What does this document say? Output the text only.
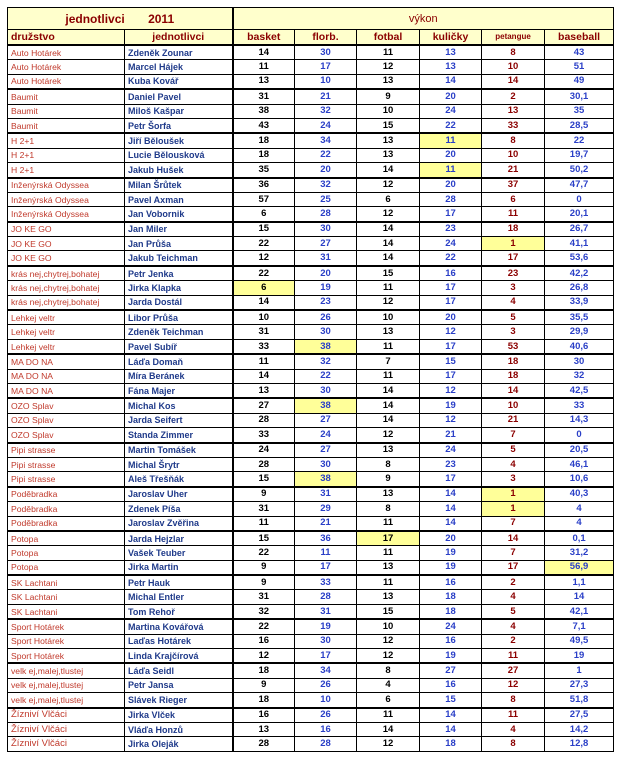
jednotlivci 2011		výkon					
družstvo	jednotlivci	basket	florb.	fotbal	kuličky	petangue	baseball
Auto Hotárek	Zdeněk Zounar	14	30	11	13	8	43
Auto Hotárek	Marcel Hájek	11	17	12	13	10	51
Auto Hotárek	Kuba Kovář	13	10	13	14	14	49
Baumit	Daniel Pavel	31	21	9	20	2	30,1
Baumit	Miloš Kašpar	38	32	10	24	13	35
Baumit	Petr Šorfa	43	24	15	22	33	28,5
H 2+1	Jiří Běloušek	18	34	13	11	8	22
H 2+1	Lucie Bělousková	18	22	13	20	10	19,7
H 2+1	Jakub Hušek	35	20	14	11	21	50,2
Inženýrská Odyssea	Milan Šrůtek	36	32	12	20	37	47,7
Inženýrská Odyssea	Pavel Axman	57	25	6	28	6	0
Inženýrská Odyssea	Jan Vobornik	6	28	12	17	11	20,1
JO KE GO	Jan Miler	15	30	14	23	18	26,7
JO KE GO	Jan Průša	22	27	14	24	1	41,1
JO KE GO	Jakub Teichman	12	31	14	22	17	53,6
krás nej,chytrej,bohatej	Petr Jenka	22	20	15	16	23	42,2
krás nej,chytrej,bohatej	Jirka Klapka	6	19	11	17	3	26,8
krás nej,chytrej,bohatej	Jarda Dostál	14	23	12	17	4	33,9
Lehkej veltr	Libor Průša	10	26	10	20	5	35,5
Lehkej veltr	Zdeněk Teichman	31	30	13	12	3	29,9
Lehkej veltr	Pavel Subíř	33	38	11	17	53	40,6
MA DO NA	Láďa Domaň	11	32	7	15	18	30
MA DO NA	Míra Beránek	14	22	11	17	18	32
MA DO NA	Fána Majer	13	30	14	12	14	42,5
OZO Splav	Michal Kos	27	38	14	19	10	33
OZO Splav	Jarda Seifert	28	27	14	12	21	14,3
OZO Splav	Standa Zimmer	33	24	12	21	7	0
Pipi strasse	Martin Tomášek	24	27	13	24	5	20,5
Pipi strasse	Michal Šrytr	28	30	8	23	4	46,1
Pipi strasse	Aleš Třešňák	15	38	9	17	3	10,6
Poděbradka	Jaroslav Uher	9	31	13	14	1	40,3
Poděbradka	Zdenek Píša	31	29	8	14	1	4
Poděbradka	Jaroslav Zvěřina	11	21	11	14	7	4
Potopa	Jarda Hejzlar	15	36	17	20	14	0,1
Potopa	Vašek Teuber	22	11	11	19	7	31,2
Potopa	Jirka Martin	9	17	13	19	17	56,9
SK Lachtani	Petr Hauk	9	33	11	16	2	1,1
SK Lachtani	Michal Entler	31	28	13	18	4	14
SK Lachtani	Tom Rehoř	32	31	15	18	5	42,1
Sport Hotárek	Martina Kovářová	22	19	10	24	4	7,1
Sport Hotárek	Laďas Hotárek	16	30	12	16	2	49,5
Sport Hotárek	Linda Krajčírová	12	17	12	19	11	19
velk ej,malej,tlustej	Láďa Seidl	18	34	8	27	27	1
velk ej,malej,tlustej	Petr Jansa	9	26	4	16	12	27,3
velk ej,malej,tlustej	Slávek Rieger	18	10	6	15	8	51,8
Žízniví Vlčáci	Jirka Vlček	16	26	11	14	11	27,5
Žízniví Vlčáci	Vláďa Honzů	13	16	14	14	4	14,2
Žízniví Vlčáci	Jirka Oleják	28	28	12	18	8	12,8
